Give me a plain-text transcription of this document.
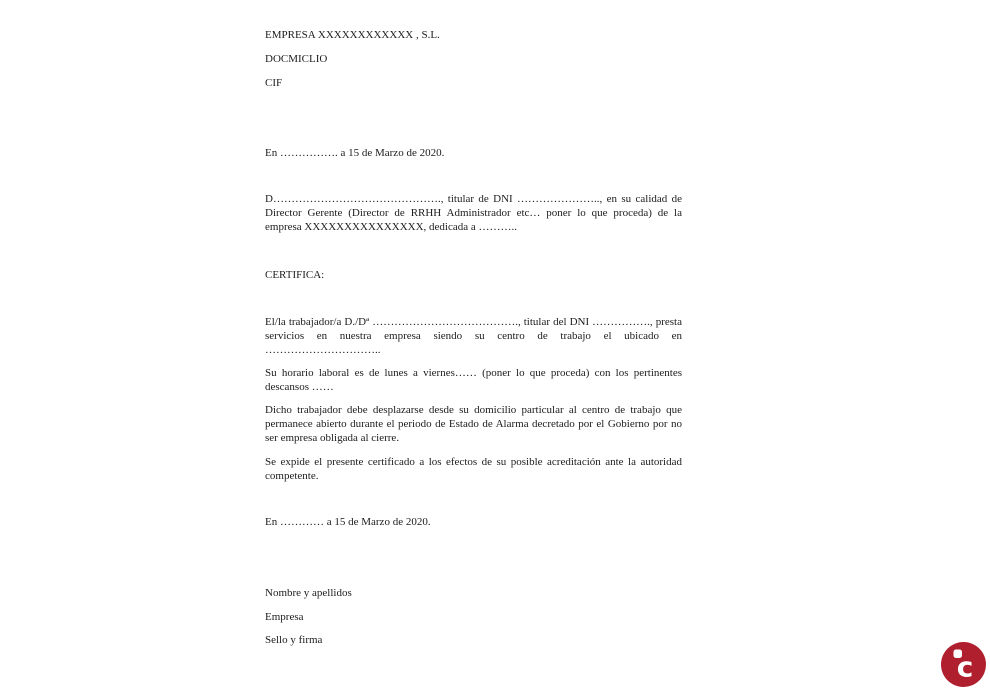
EMPRESA XXXXXXXXXXXX , S.L.

DOCMICLIO

CIF

En ……………. a 15 de Marzo de 2020.

D………………………………………., titular de DNI ………………….., en su calidad de Director Gerente (Director de RRHH Administrador etc… poner lo que proceda) de la empresa XXXXXXXXXXXXXXX, dedicada a ………..

CERTIFICA:

El/la trabajador/a D./Dª …………………………………., titular del DNI ……………., presta servicios en nuestra empresa siendo su centro de trabajo el ubicado en …………………………..

Su horario laboral es de lunes a viernes…… (poner lo que proceda) con los pertinentes descansos ……

Dicho trabajador debe desplazarse desde su domicilio particular al centro de trabajo que permanece abierto durante el periodo de Estado de Alarma decretado por el Gobierno por no ser empresa obligada al cierre.

Se expide el presente certificado a los efectos de su posible acreditación ante la autoridad competente.

En ………… a 15 de Marzo de 2020.

Nombre y apellidos

Empresa

Sello y firma

c
